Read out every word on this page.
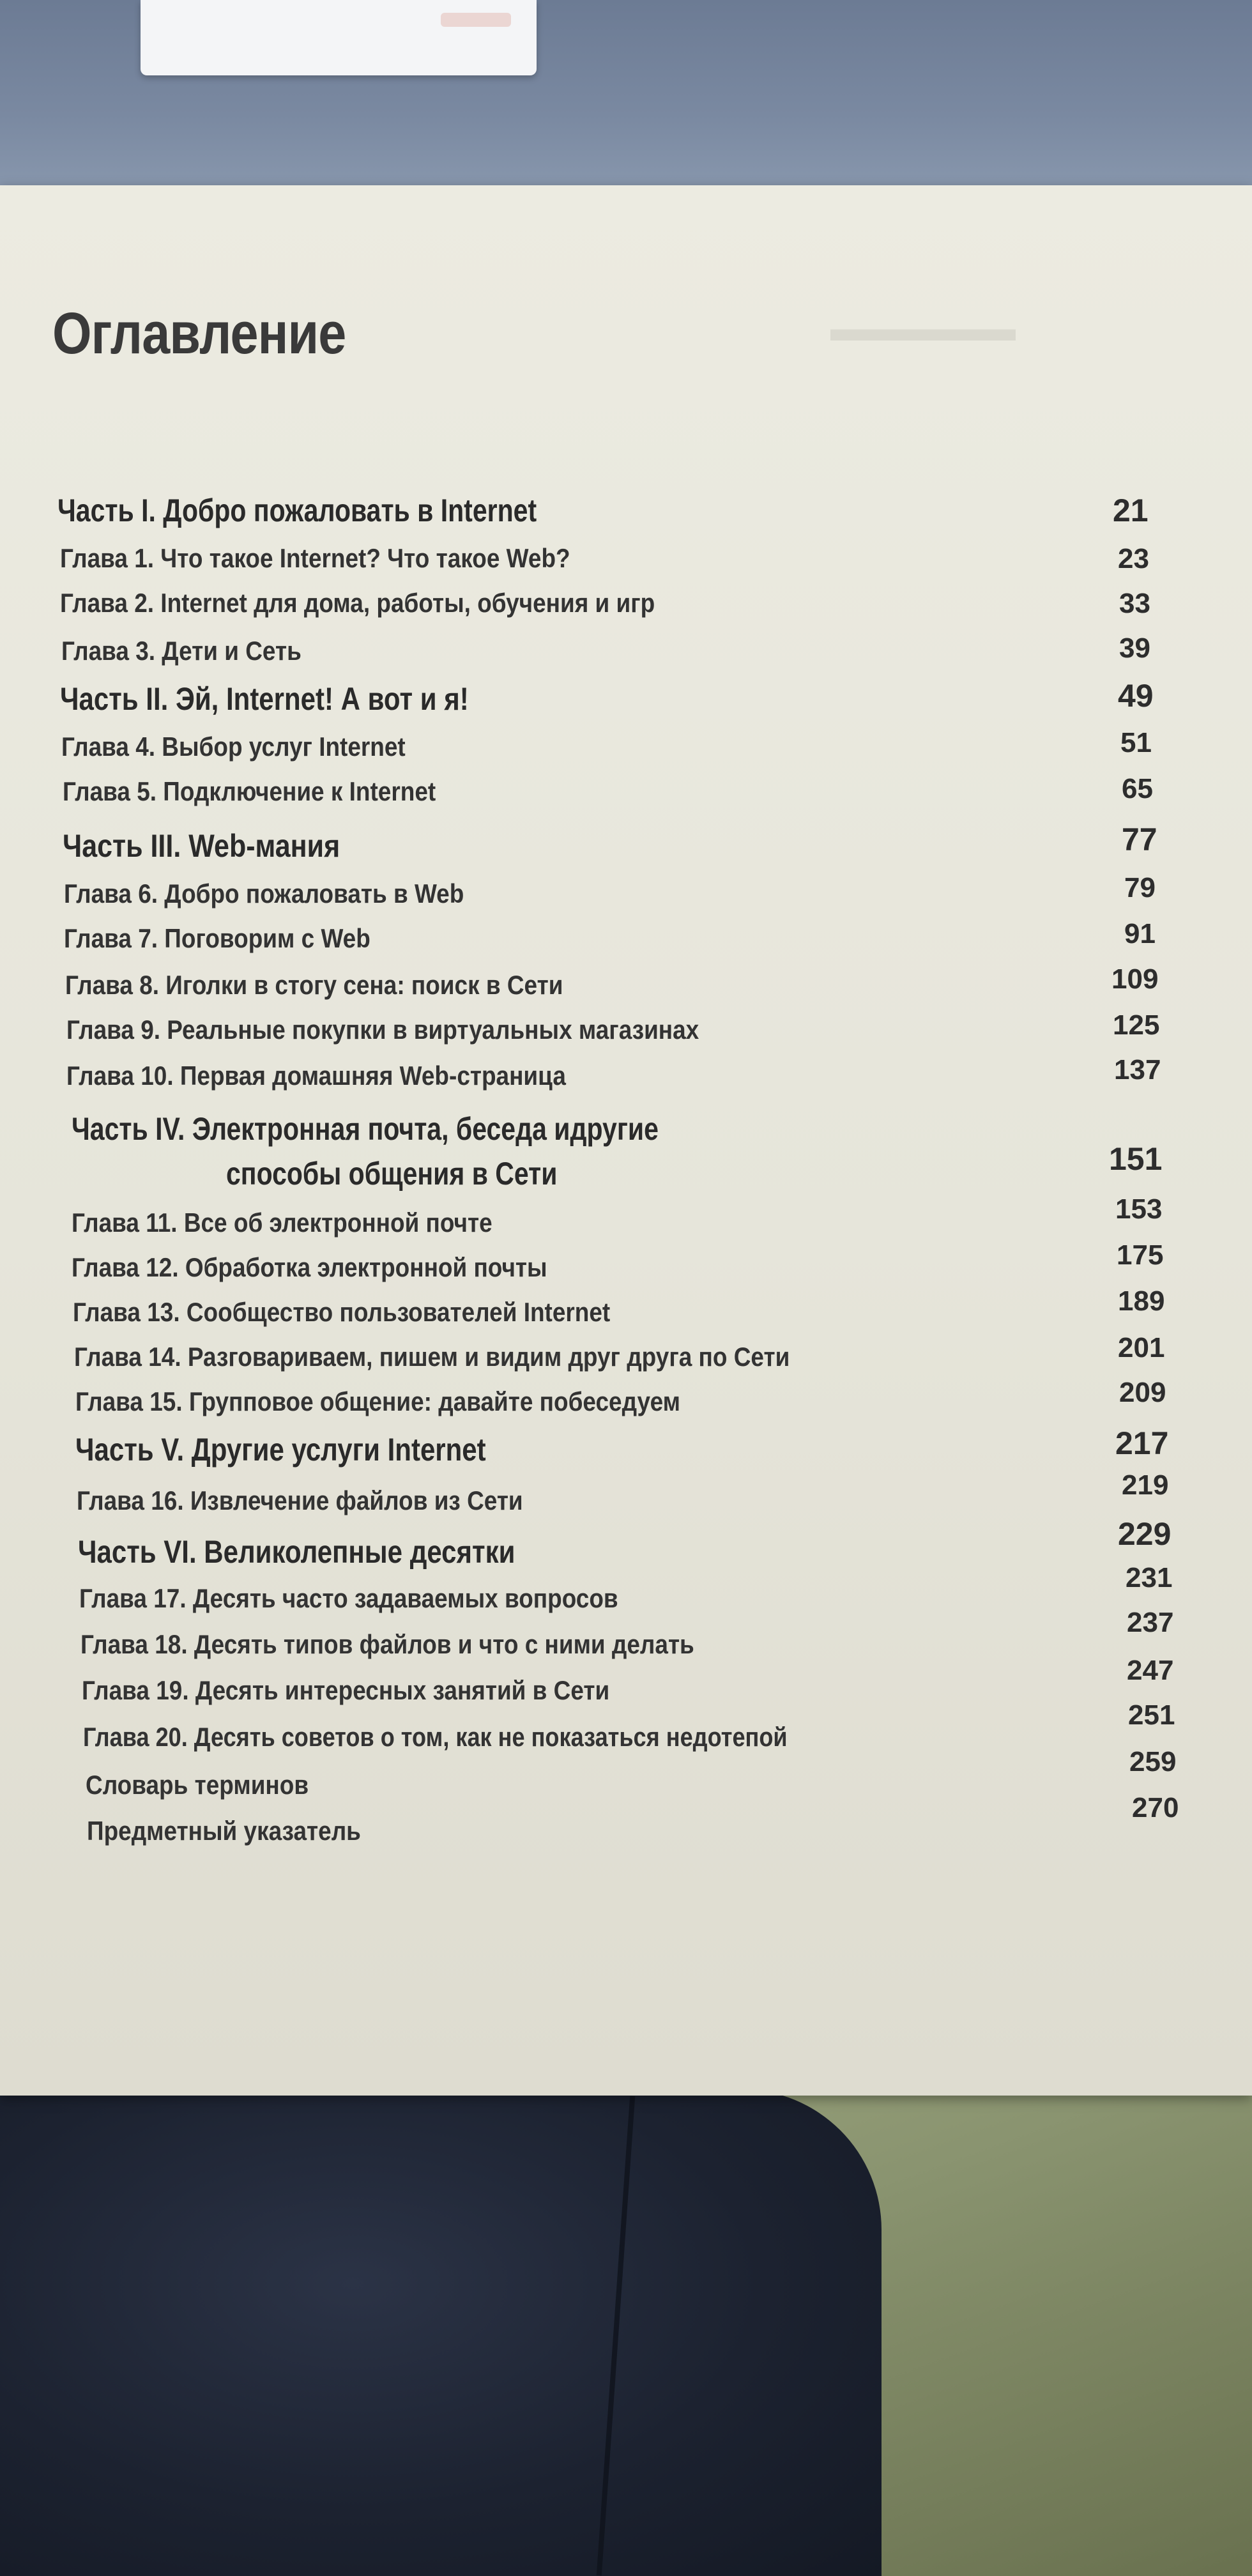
▬▬▬▬▬
Оглавление
Часть I. Добро пожаловать в Internet
Глава 1. Что такое Internet? Что такое Web?
Глава 2. Internet для дома, работы, обучения и игр
Глава 3. Дети и Сеть
Часть II. Эй, Internet! А вот и я!
Глава 4. Выбор услуг Internet
Глава 5. Подключение к Internet
Часть III. Web-мания
Глава 6. Добро пожаловать в Web
Глава 7. Поговорим с Web
Глава 8. Иголки в стогу сена: поиск в Сети
Глава 9. Реальные покупки в виртуальных магазинах
Глава 10. Первая домашняя Web-страница
Часть IV. Электронная почта, беседа идругие
способы общения в Сети
Глава 11. Все об электронной почте
Глава 12. Обработка электронной почты
Глава 13. Сообщество пользователей Internet
Глава 14. Разговариваем, пишем и видим друг друга по Сети
Глава 15. Групповое общение: давайте побеседуем
Часть V. Другие услуги Internet
Глава 16. Извлечение файлов из Сети
Часть VI. Великолепные десятки
Глава 17. Десять часто задаваемых вопросов
Глава 18. Десять типов файлов и что с ними делать
Глава 19. Десять интересных занятий в Сети
Глава 20. Десять советов о том, как не показаться недотепой
Словарь терминов
Предметный указатель
21
23
33
39
49
51
65
77
79
91
109
125
137
151
153
175
189
201
209
217
219
229
231
237
247
251
259
270
